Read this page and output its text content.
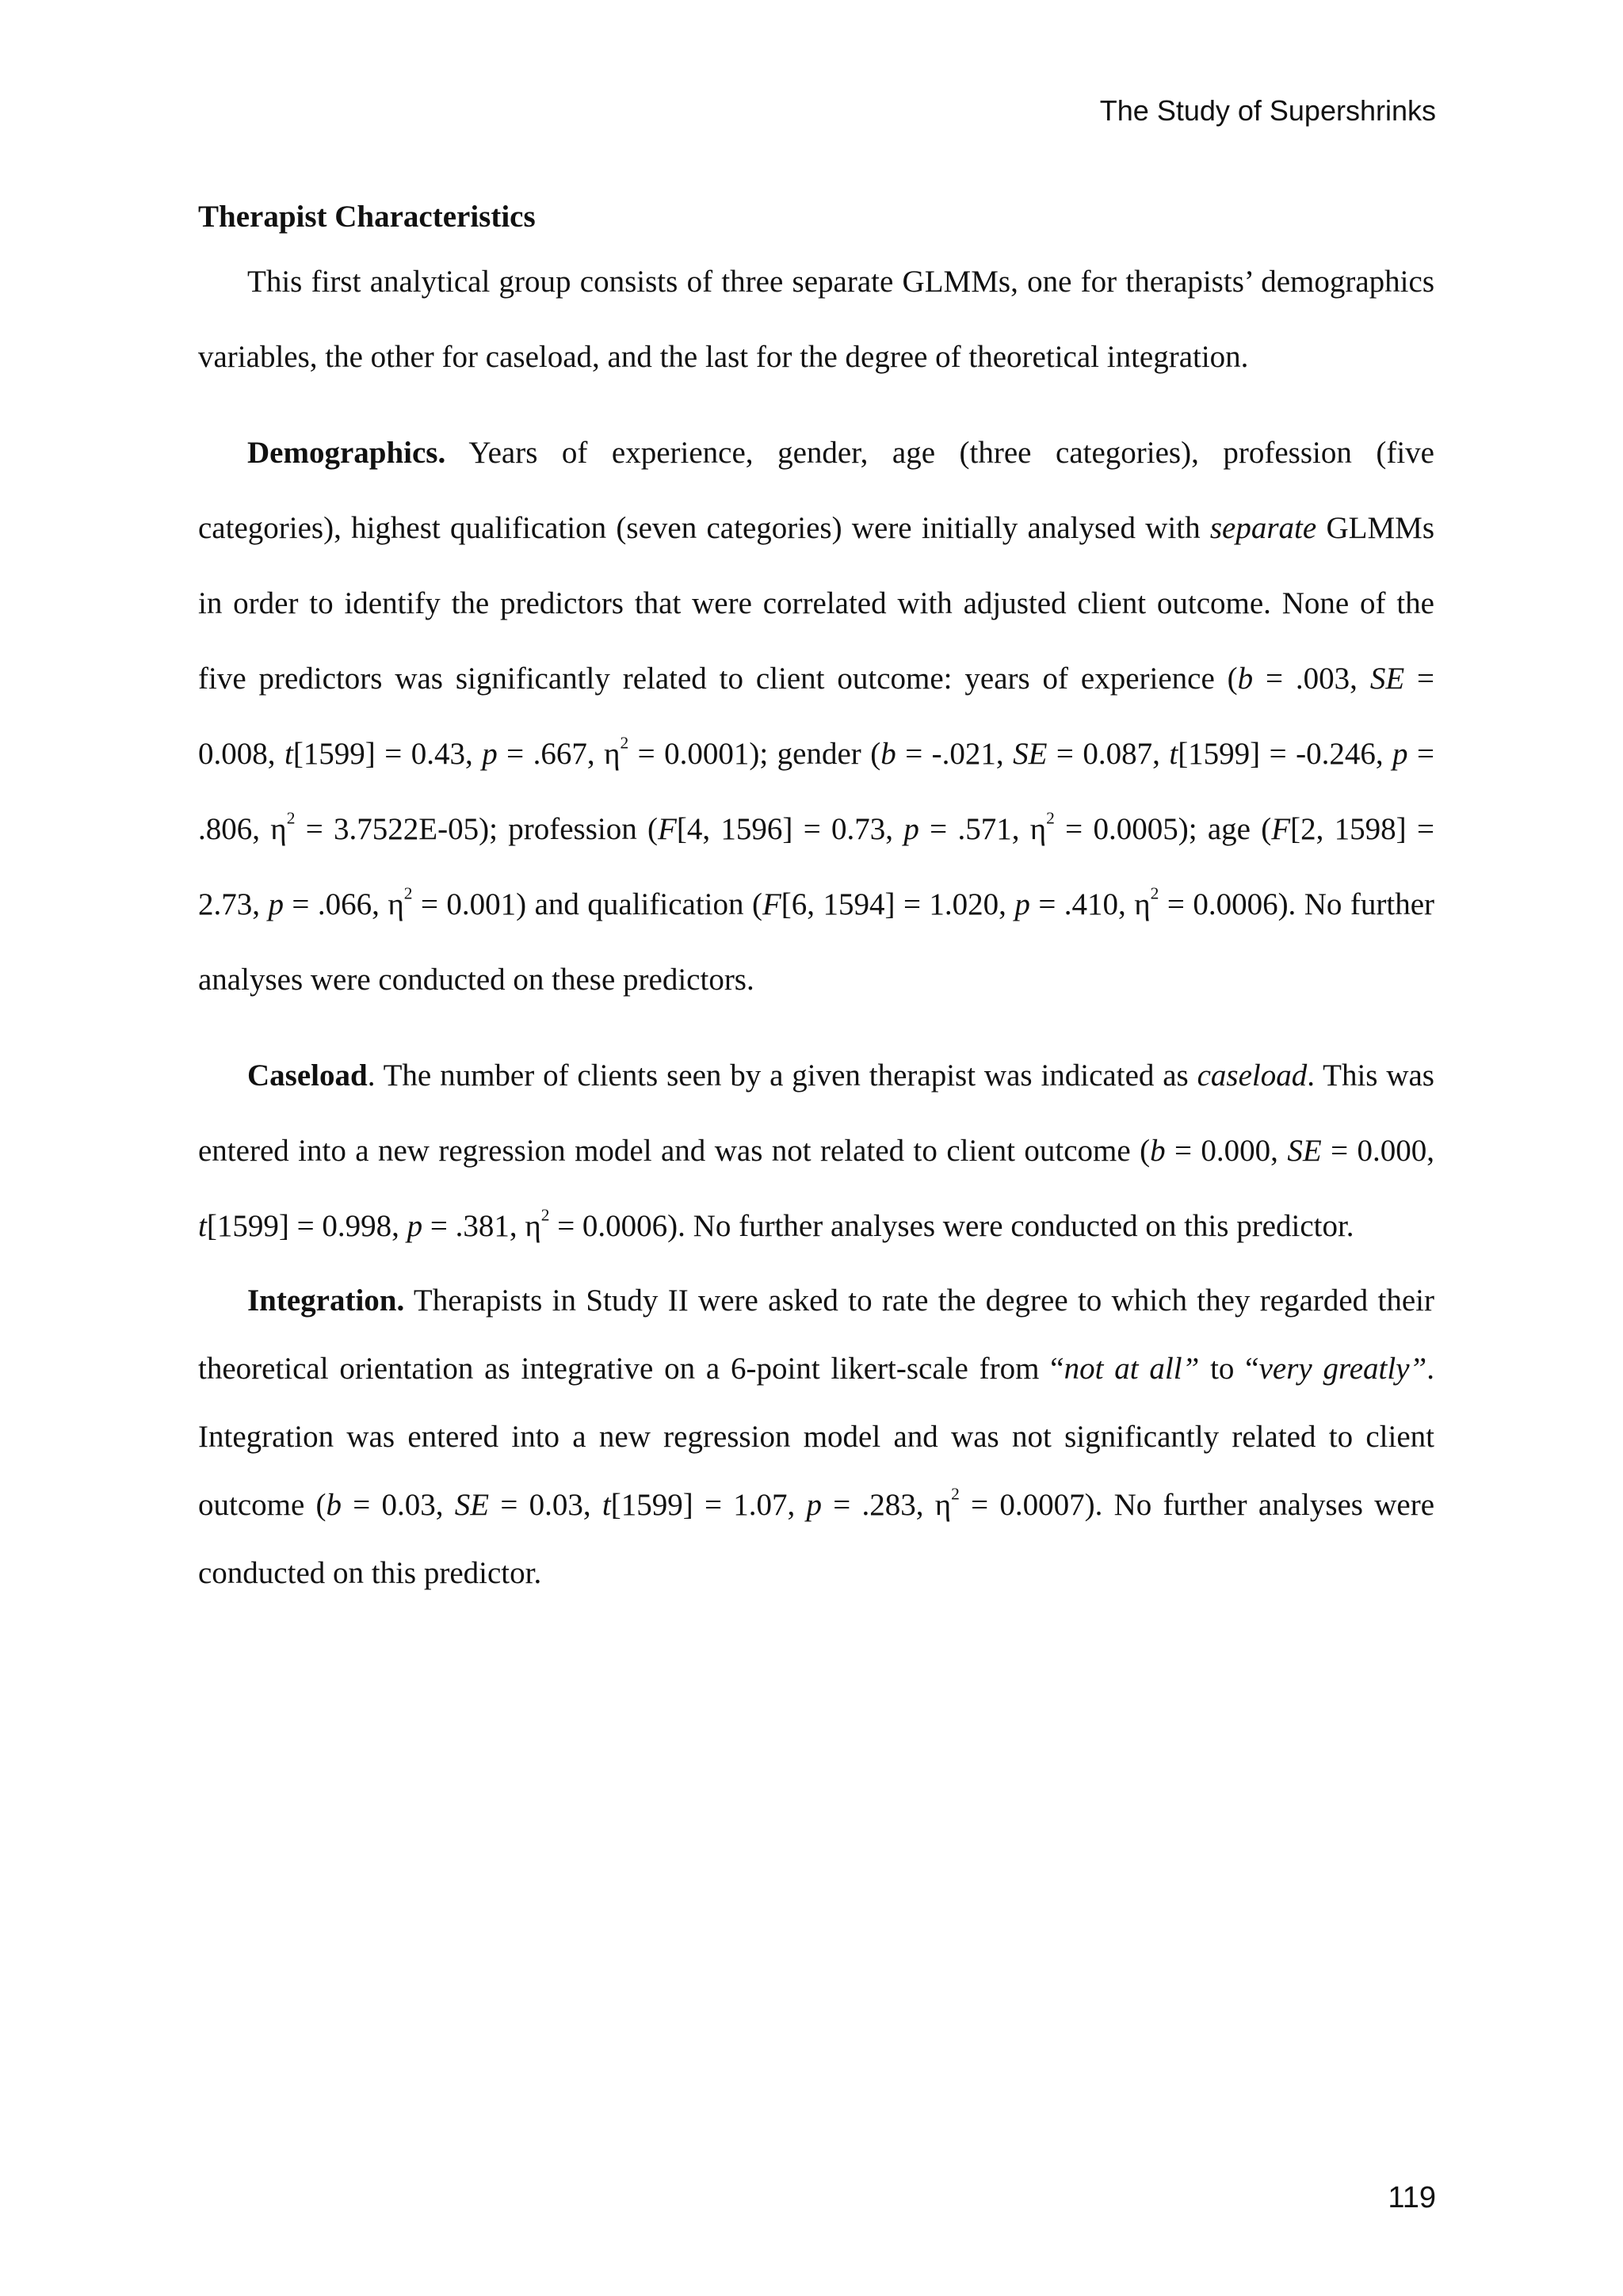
The Study of Supershrinks

Therapist Characteristics

This first analytical group consists of three separate GLMMs, one for therapists’ demographics variables, the other for caseload, and the last for the degree of theoretical integration.

Demographics. Years of experience, gender, age (three categories), profession (five categories), highest qualification (seven categories) were initially analysed with separate GLMMs in order to identify the predictors that were correlated with adjusted client outcome. None of the five predictors was significantly related to client outcome: years of experience (b = .003, SE = 0.008, t[1599] = 0.43, p = .667, $\eta^2 = 0.0001$); gender (b = -.021, SE = 0.087, t[1599] = -0.246, p = .806, $\eta^2 = 3.7522E-05$); profession (F[4, 1596] = 0.73, p = .571, $\eta^2 = 0.0005$); age (F[2, 1598] = 2.73, p = .066, $\eta^2 = 0.001$) and qualification (F[6, 1594] = 1.020, p = .410, $\eta^2 = 0.0006$). No further analyses were conducted on these predictors.

Caseload. The number of clients seen by a given therapist was indicated as caseload. This was entered into a new regression model and was not related to client outcome (b = 0.000, SE = 0.000, t[1599] = 0.998, p = .381, $\eta^2 = 0.0006$). No further analyses were conducted on this predictor.

Integration. Therapists in Study II were asked to rate the degree to which they regarded their theoretical orientation as integrative on a 6-point likert-scale from “not at all” to “very greatly”. Integration was entered into a new regression model and was not significantly related to client outcome (b = 0.03, SE = 0.03, t[1599] = 1.07, p = .283, $\eta^2 = 0.0007$). No further analyses were conducted on this predictor.

119
